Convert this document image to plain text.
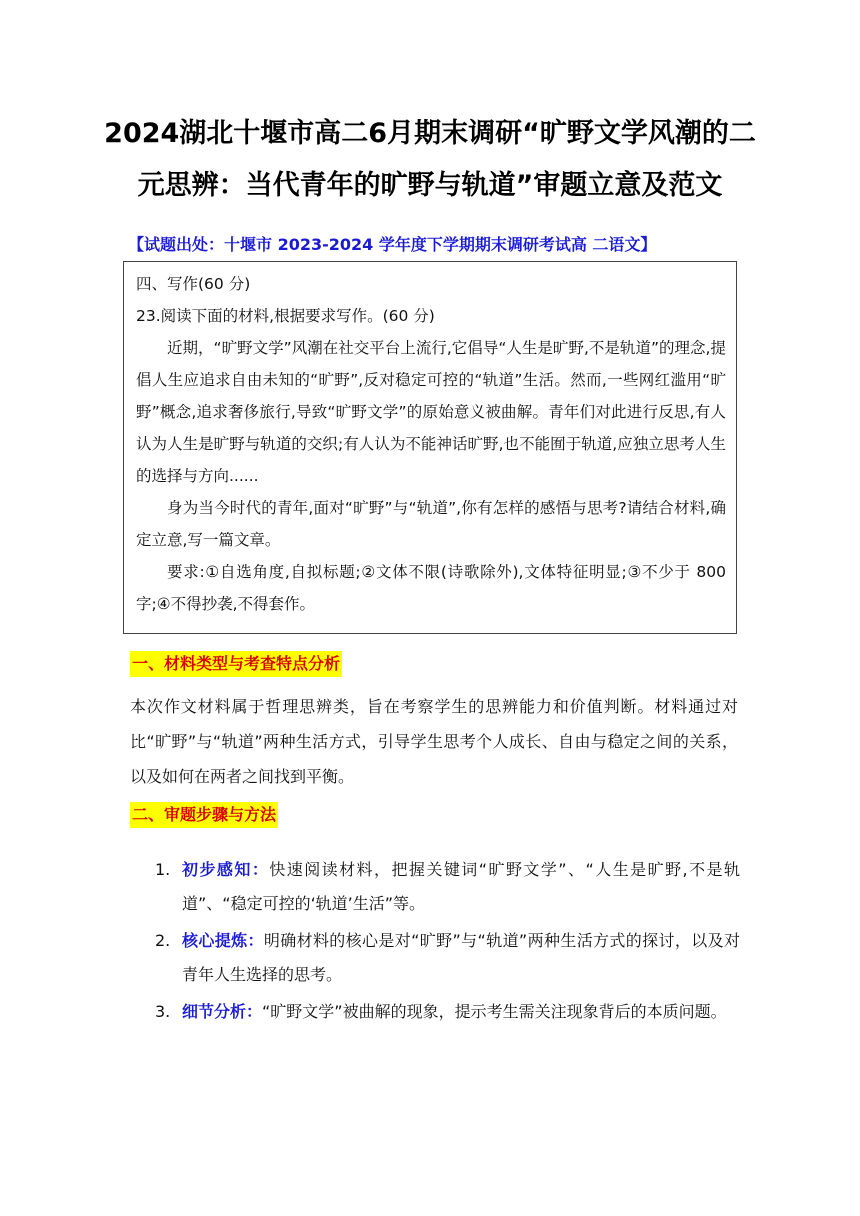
2024湖北十堰市高二6月期末调研“旷野文学风潮的二元思辨：当代青年的旷野与轨道”审题立意及范文
【试题出处：十堰市 2023-2024 学年度下学期期末调研考试高 二语文】

四、写作(60 分)

23.阅读下面的材料,根据要求写作。(60 分)

近期，“旷野文学”风潮在社交平台上流行,它倡导“人生是旷野,不是轨道”的理念,提倡人生应追求自由未知的“旷野”,反对稳定可控的“轨道”生活。然而,一些网红滥用“旷野”概念,追求奢侈旅行,导致“旷野文学”的原始意义被曲解。青年们对此进行反思,有人认为人生是旷野与轨道的交织;有人认为不能神话旷野,也不能囿于轨道,应独立思考人生的选择与方向......

身为当今时代的青年,面对“旷野”与“轨道”,你有怎样的感悟与思考?请结合材料,确定立意,写一篇文章。

要求:①自选角度,自拟标题;②文体不限(诗歌除外),文体特征明显;③不少于 800 字;④不得抄袭,不得套作。

一、材料类型与考查特点分析
本次作文材料属于哲理思辨类，旨在考察学生的思辨能力和价值判断。材料通过对比“旷野”与“轨道”两种生活方式，引导学生思考个人成长、自由与稳定之间的关系，以及如何在两者之间找到平衡。
二、审题步骤与方法
1. 初步感知：快速阅读材料，把握关键词“旷野文学”、“人生是旷野,不是轨道”、“稳定可控的‘轨道’生活”等。
2. 核心提炼：明确材料的核心是对“旷野”与“轨道”两种生活方式的探讨，以及对青年人生选择的思考。
3. 细节分析：“旷野文学”被曲解的现象，提示考生需关注现象背后的本质问题。
